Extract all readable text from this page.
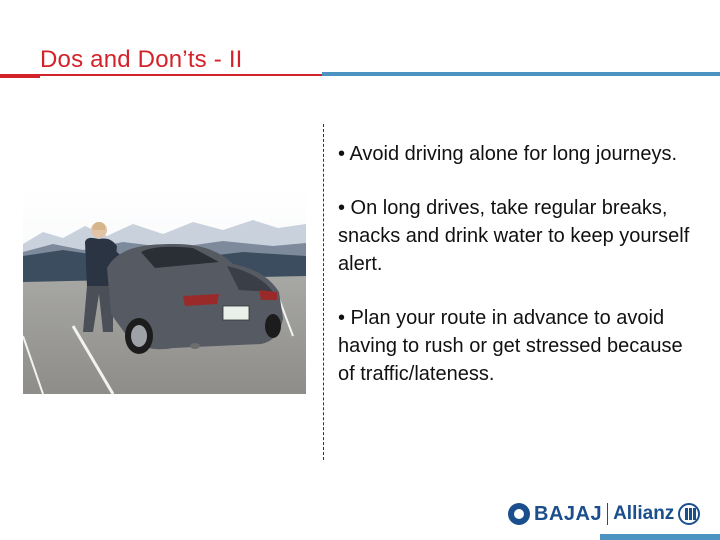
Dos and Don’ts - II
• Avoid driving alone for long journeys.
• On long drives, take regular breaks, snacks and drink water to keep yourself alert.
• Plan your route in advance to avoid having to rush or get stressed because of traffic/lateness.
BAJAJ Allianz
